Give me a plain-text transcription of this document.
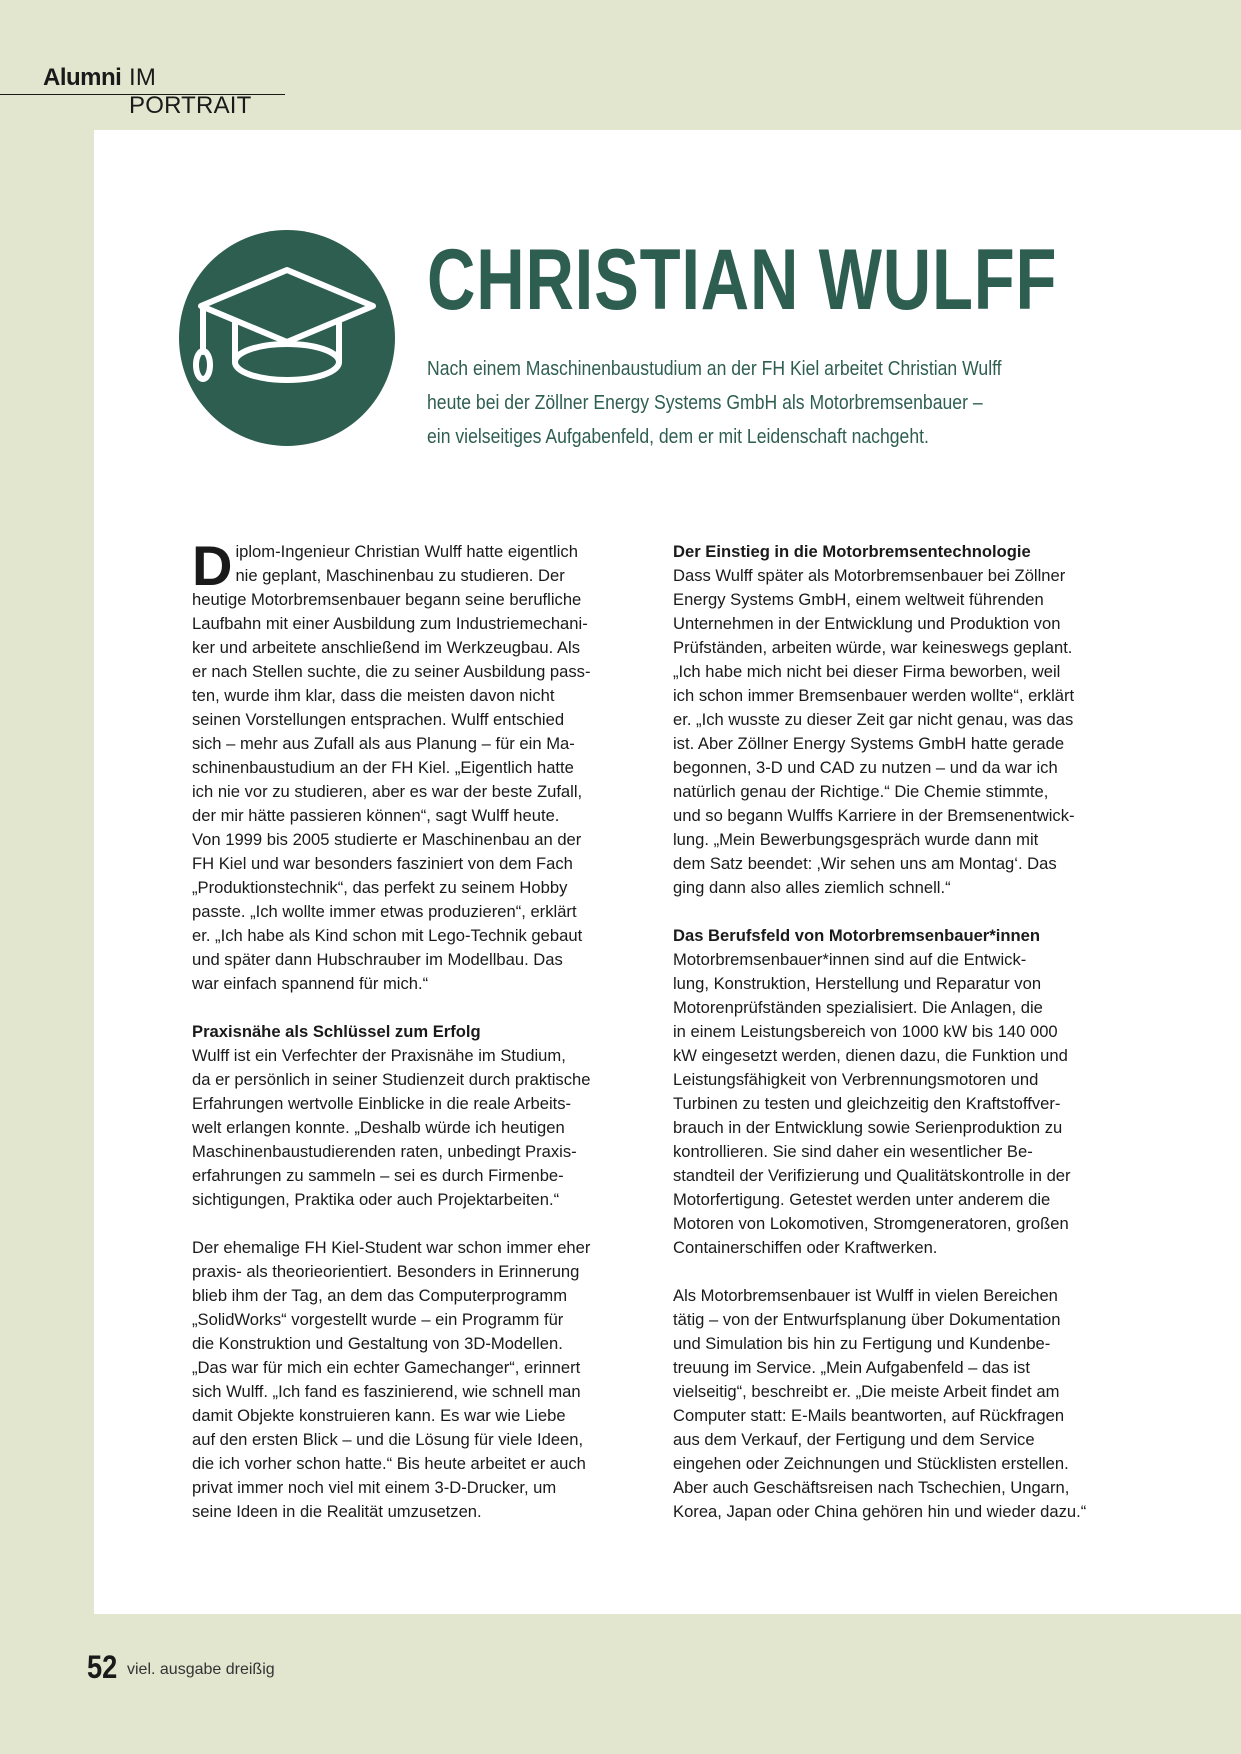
Alumni IM PORTRAIT
CHRISTIAN WULFF
Nach einem Maschinenbaustudium an der FH Kiel arbeitet Christian Wulff
heute bei der Zöllner Energy Systems GmbH als Motorbremsenbauer –
ein vielseitiges Aufgabenfeld, dem er mit Leidenschaft nachgeht.
D iplom-Ingenieur Christian Wulff hatte eigentlich
nie geplant, Maschinenbau zu studieren. Der
heutige Motorbremsenbauer begann seine berufliche
Laufbahn mit einer Ausbildung zum Industriemechani-
ker und arbeitete anschließend im Werkzeugbau. Als
er nach Stellen suchte, die zu seiner Ausbildung pass-
ten, wurde ihm klar, dass die meisten davon nicht
seinen Vorstellungen entsprachen. Wulff entschied
sich – mehr aus Zufall als aus Planung – für ein Ma-
schinenbaustudium an der FH Kiel. „Eigentlich hatte
ich nie vor zu studieren, aber es war der beste Zufall,
der mir hätte passieren können“, sagt Wulff heute.
Von 1999 bis 2005 studierte er Maschinenbau an der
FH Kiel und war besonders fasziniert von dem Fach
„Produktionstechnik“, das perfekt zu seinem Hobby
passte. „Ich wollte immer etwas produzieren“, erklärt
er. „Ich habe als Kind schon mit Lego-Technik gebaut
und später dann Hubschrauber im Modellbau. Das
war einfach spannend für mich.“
Praxisnähe als Schlüssel zum Erfolg
Wulff ist ein Verfechter der Praxisnähe im Studium,
da er persönlich in seiner Studienzeit durch praktische
Erfahrungen wertvolle Einblicke in die reale Arbeits-
welt erlangen konnte. „Deshalb würde ich heutigen
Maschinenbaustudierenden raten, unbedingt Praxis-
erfahrungen zu sammeln – sei es durch Firmenbe-
sichtigungen, Praktika oder auch Projektarbeiten.“
Der ehemalige FH Kiel-Student war schon immer eher
praxis- als theorieorientiert. Besonders in Erinnerung
blieb ihm der Tag, an dem das Computerprogramm
„SolidWorks“ vorgestellt wurde – ein Programm für
die Konstruktion und Gestaltung von 3D-Modellen.
„Das war für mich ein echter Gamechanger“, erinnert
sich Wulff. „Ich fand es faszinierend, wie schnell man
damit Objekte konstruieren kann. Es war wie Liebe
auf den ersten Blick – und die Lösung für viele Ideen,
die ich vorher schon hatte.“ Bis heute arbeitet er auch
privat immer noch viel mit einem 3-D-Drucker, um
seine Ideen in die Realität umzusetzen.
Der Einstieg in die Motorbremsentechnologie
Dass Wulff später als Motorbremsenbauer bei Zöllner
Energy Systems GmbH, einem weltweit führenden
Unternehmen in der Entwicklung und Produktion von
Prüfständen, arbeiten würde, war keineswegs geplant.
„Ich habe mich nicht bei dieser Firma beworben, weil
ich schon immer Bremsenbauer werden wollte“, erklärt
er. „Ich wusste zu dieser Zeit gar nicht genau, was das
ist. Aber Zöllner Energy Systems GmbH hatte gerade
begonnen, 3-D und CAD zu nutzen – und da war ich
natürlich genau der Richtige.“ Die Chemie stimmte,
und so begann Wulffs Karriere in der Bremsenentwick-
lung. „Mein Bewerbungsgespräch wurde dann mit
dem Satz beendet: ‚Wir sehen uns am Montag‘. Das
ging dann also alles ziemlich schnell.“
Das Berufsfeld von Motorbremsenbauer*innen
Motorbremsenbauer*innen sind auf die Entwick-
lung, Konstruktion, Herstellung und Reparatur von
Motorenprüfständen spezialisiert. Die Anlagen, die
in einem Leistungsbereich von 1000 kW bis 140 000
kW eingesetzt werden, dienen dazu, die Funktion und
Leistungsfähigkeit von Verbrennungsmotoren und
Turbinen zu testen und gleichzeitig den Kraftstoffver-
brauch in der Entwicklung sowie Serienproduktion zu
kontrollieren. Sie sind daher ein wesentlicher Be-
standteil der Verifizierung und Qualitätskontrolle in der
Motorfertigung. Getestet werden unter anderem die
Motoren von Lokomotiven, Stromgeneratoren, großen
Containerschiffen oder Kraftwerken.
Als Motorbremsenbauer ist Wulff in vielen Bereichen
tätig – von der Entwurfsplanung über Dokumentation
und Simulation bis hin zu Fertigung und Kundenbe-
treuung im Service. „Mein Aufgabenfeld – das ist
vielseitig“, beschreibt er. „Die meiste Arbeit findet am
Computer statt: E-Mails beantworten, auf Rückfragen
aus dem Verkauf, der Fertigung und dem Service
eingehen oder Zeichnungen und Stücklisten erstellen.
Aber auch Geschäftsreisen nach Tschechien, Ungarn,
Korea, Japan oder China gehören hin und wieder dazu.“
52 viel. ausgabe dreißig
